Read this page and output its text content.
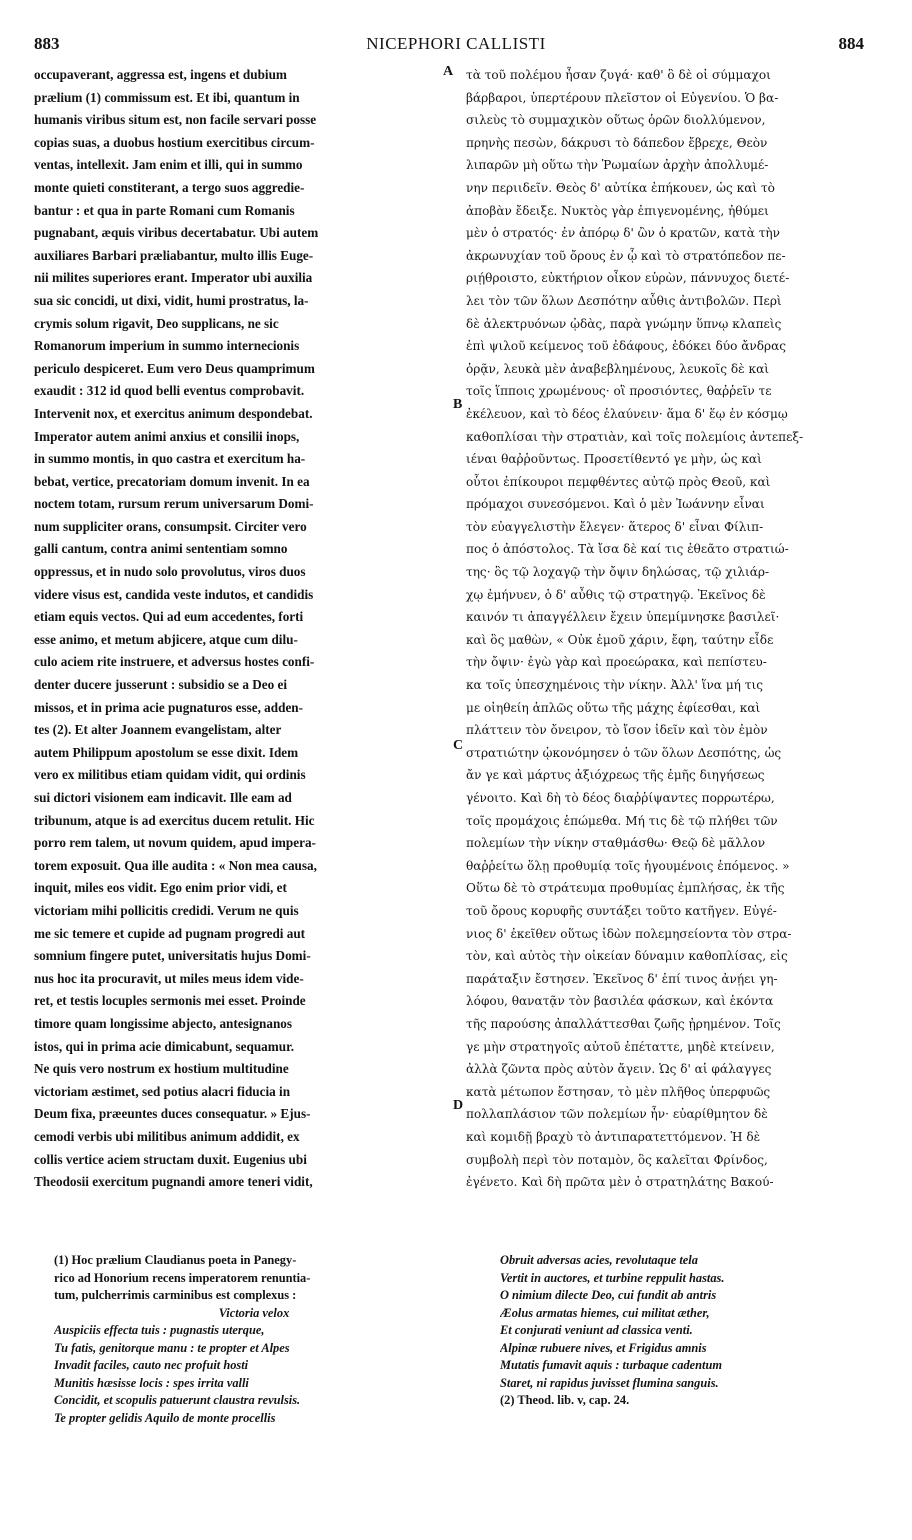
NICEPHORI CALLISTI
883	884
occupaverant, aggressa est, ingens et dubium
prælium (1) commissum est. Et ibi, quantum in
humanis viribus situm est, non facile servari posse
copias suas, a duobus hostium exercitibus circum-
ventas, intellexit. Jam enim et illi, qui in summo
monte quieti constiterant, a tergo suos aggredie-
bantur : et qua in parte Romani cum Romanis
pugnabant, æquis viribus decertabatur. Ubi autem
auxiliares Barbari præliabantur, multo illis Euge-
nii milites superiores erant. Imperator ubi auxilia
sua sic concidi, ut dixi, vidit, humi prostratus, la-
crymis solum rigavit, Deo supplicans, ne sic
Romanorum imperium in summo internecionis
periculo despiceret. Eum vero Deus quamprimum
exaudit : 312 id quod belli eventus comprobavit.
Intervenit nox, et exercitus animum despondebat.
Imperator autem animi anxius et consilii inops,
in summo montis, in quo castra et exercitum ha-
bebat, vertice, precatoriam domum invenit. In ea
noctem totam, rursum rerum universarum Domi-
num suppliciter orans, consumpsit. Circiter vero
galli cantum, contra animi sententiam somno
oppressus, et in nudo solo provolutus, viros duos
videre visus est, candida veste indutos, et candidis
etiam equis vectos. Qui ad eum accedentes, forti
esse animo, et metum abjicere, atque cum dilu-
culo aciem rite instruere, et adversus hostes confi-
denter ducere jusserunt : subsidio se a Deo ei
missos, et in prima acie pugnaturos esse, adden-
tes (2). Et alter Joannem evangelistam, alter
autem Philippum apostolum se esse dixit. Idem
vero ex militibus etiam quidam vidit, qui ordinis
sui dictori visionem eam indicavit. Ille eam ad
tribunum, atque is ad exercitus ducem retulit. Hic
porro rem talem, ut novum quidem, apud impera-
torem exposuit. Qua ille audita : « Non mea causa,
inquit, miles eos vidit. Ego enim prior vidi, et
victoriam mihi pollicitis credidi. Verum ne quis
me sic temere et cupide ad pugnam progredi aut
somnium fingere putet, universitatis hujus Domi-
nus hoc ita procuravit, ut miles meus idem vide-
ret, et testis locuples sermonis mei esset. Proinde
timore quam longissime abjecto, antesignanos
istos, qui in prima acie dimicabunt, sequamur.
Ne quis vero nostrum ex hostium multitudine
victoriam æstimet, sed potius alacri fiducia in
Deum fixa, præeuntes duces consequatur. » Ejus-
cemodi verbis ubi militibus animum addidit, ex
collis vertice aciem structam duxit. Eugenius ubi
Theodosii exercitum pugnandi amore teneri vidit,
τὰ τοῦ πολέμου ἦσαν ζυγά· καθ' ὃ δὲ οἱ σύμμαχοι
βάρβαροι, ὑπερτέρουν πλεῖστον οἱ Εὐγενίου. Ὁ βα-
σιλεὺς τὸ συμμαχικὸν οὕτως ὁρῶν διολλύμενον,
πρηνὴς πεσὼν, δάκρυσι τὸ δάπεδον ἔβρεχε, Θεὸν
λιπαρῶν μὴ οὕτω τὴν Ῥωμαίων ἀρχὴν ἀπολλυμέ-
νην περιιδεῖν. Θεὸς δ' αὐτίκα ἐπήκουεν, ὡς καὶ τὸ
ἀποβὰν ἔδειξε. Νυκτὸς γὰρ ἐπιγενομένης, ἠθύμει
μὲν ὁ στρατός· ἐν ἀπόρῳ δ' ὢν ὁ κρατῶν, κατὰ τὴν
ἀκρωνυχίαν τοῦ ὄρους ἐν ᾧ καὶ τὸ στρατόπεδον πε-
ριῄθροιστο, εὐκτήριον οἶκον εὑρὼν, πάννυχος διετέ-
λει τὸν τῶν ὅλων Δεσπότην αὖθις ἀντιβολῶν. Περὶ
δὲ ἀλεκτρυόνων ᾠδὰς, παρὰ γνώμην ὕπνῳ κλαπεὶς
ἐπὶ ψιλοῦ κείμενος τοῦ ἐδάφους, ἐδόκει δύο ἄνδρας
ὁρᾷν, λευκὰ μὲν ἀναβεβλημένους, λευκοῖς δὲ καὶ
τοῖς ἵπποις χρωμένους· οἳ προσιόντες, θαῤῥεῖν τε
ἐκέλευον, καὶ τὸ δέος ἐλαύνειν· ἅμα δ' ἕῳ ἐν κόσμῳ
καθοπλίσαι τὴν στρατιὰν, καὶ τοῖς πολεμίοις ἀντεπεξ-
ιέναι θαῤῥοῦντως. Προσετίθεντό γε μὴν, ὡς καὶ
οὗτοι ἐπίκουροι πεμφθέντες αὐτῷ πρὸς Θεοῦ, καὶ
πρόμαχοι συνεσόμενοι. Καὶ ὁ μὲν Ἰωάννην εἶναι
τὸν εὐαγγελιστὴν ἔλεγεν· ἅτερος δ' εἶναι Φίλιπ-
πος ὁ ἀπόστολος. Τὰ ἴσα δὲ καί τις ἐθεᾶτο στρατιώ-
της· ὃς τῷ λοχαγῷ τὴν ὄψιν δηλώσας, τῷ χιλιάρ-
χῳ ἐμήνυεν, ὁ δ' αὖθις τῷ στρατηγῷ. Ἐκεῖνος δὲ
καινόν τι ἀπαγγέλλειν ἔχειν ὑπεμίμνησκε βασιλεῖ·
καὶ ὃς μαθὼν, « Οὐκ ἐμοῦ χάριν, ἔφη, ταύτην εἶδε
τὴν ὄψιν· ἐγὼ γὰρ καὶ προεώρακα, καὶ πεπίστευ-
κα τοῖς ὑπεσχημένοις τὴν νίκην. Ἀλλ' ἵνα μή τις
με οἰηθείη ἁπλῶς οὕτω τῆς μάχης ἐφίεσθαι, καὶ
πλάττειν τὸν ὄνειρον, τὸ ἴσον ἰδεῖν καὶ τὸν ἐμὸν
στρατιώτην ᾠκονόμησεν ὁ τῶν ὅλων Δεσπότης, ὡς
ἄν γε καὶ μάρτυς ἀξιόχρεως τῆς ἐμῆς διηγήσεως
γένοιτο. Καὶ δὴ τὸ δέος διαῤῥίψαντες πορρωτέρω,
τοῖς προμάχοις ἑπώμεθα. Μή τις δὲ τῷ πλήθει τῶν
πολεμίων τὴν νίκην σταθμάσθω· Θεῷ δὲ μᾶλλον
θαῤῥείτω ὅλῃ προθυμίᾳ τοῖς ἡγουμένοις ἑπόμενος. »
Οὕτω δὲ τὸ στράτευμα προθυμίας ἐμπλήσας, ἐκ τῆς
τοῦ ὄρους κορυφῆς συντάξει τοῦτο κατῆγεν. Εὐγέ-
νιος δ' ἐκεῖθεν οὕτως ἰδὼν πολεμησείοντα τὸν στρα-
τὸν, καὶ αὐτὸς τὴν οἰκείαν δύναμιν καθοπλίσας, εἰς
παράταξιν ἔστησεν. Ἐκεῖνος δ' ἐπί τινος ἀνῄει γη-
λόφου, θανατᾷν τὸν βασιλέα φάσκων, καὶ ἑκόντα
τῆς παρούσης ἀπαλλάττεσθαι ζωῆς ᾐρημένον. Τοῖς
γε μὴν στρατηγοῖς αὐτοῦ ἐπέταττε, μηδὲ κτείνειν,
ἀλλὰ ζῶντα πρὸς αὐτὸν ἄγειν. Ὡς δ' αἱ φάλαγγες
κατὰ μέτωπον ἔστησαν, τὸ μὲν πλῆθος ὑπερφυῶς
πολλαπλάσιον τῶν πολεμίων ἦν· εὐαρίθμητον δὲ
καὶ κομιδῇ βραχὺ τὸ ἀντιπαρατεττόμενον. Ἡ δὲ
συμβολὴ περὶ τὸν ποταμὸν, ὃς καλεῖται Φρίνδος,
ἐγένετο. Καὶ δὴ πρῶτα μὲν ὁ στρατηλάτης Βακού-
A
B
C
D
(1) Hoc prælium Claudianus poeta in Panegy-
rico ad Honorium recens imperatorem renuntia-
tum, pulcherrimis carminibus est complexus :
Victoria velox
Auspiciis effecta tuis : pugnastis uterque,
Tu fatis, genitorque manu : te propter et Alpes
Invadit faciles, cauto nec profuit hosti
Munitis hæsisse locis : spes irrita valli
Concidit, et scopulis patuerunt claustra revulsis.
Te propter gelidis Aquilo de monte procellis
Obruit adversas acies, revolutaque tela
Vertit in auctores, et turbine reppulit hastas.
O nimium dilecte Deo, cui fundit ab antris
Æolus armatas hiemes, cui militat æther,
Et conjurati veniunt ad classica venti.
Alpinæ rubuere nives, et Frigidus amnis
Mutatis fumavit aquis : turbaque cadentum
Staret, ni rapidus juvisset flumina sanguis.
(2) Theod. lib. v, cap. 24.
